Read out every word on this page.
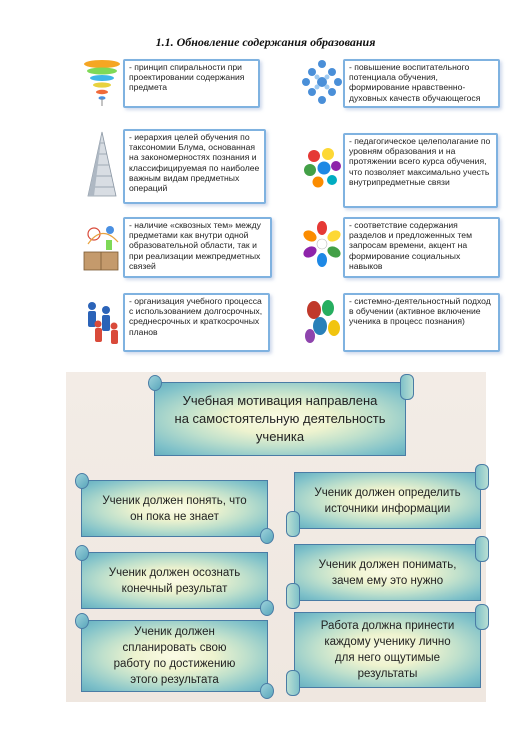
1.1. Обновление содержания образования
- принцип спиральности при проектировании содержания предмета
- повышение воспитательного потенциала обучения, формирование нравственно-духовных качеств обучающегося
- иерархия целей обучения по таксономии Блума, основанная на закономерностях познания и классифицируемая по наиболее важным видам предметных операций
- педагогическое целеполагание по уровням образования и на протяжении всего курса обучения, что позволяет максимально учесть внутрипредметные связи
- наличие «сквозных тем» между предметами как внутри одной образовательной области, так и при реализации межпредметных связей
- соответствие содержания разделов и предложенных тем запросам времени, акцент на формирование социальных навыков
- организация учебного процесса с использованием долгосрочных, среднесрочных и краткосрочных планов
- системно-деятельностный подход в обучении (активное включение ученика в процесс познания)
Учебная мотивация направлена
на самостоятельную деятельность
ученика
Ученик должен понять, что
он пока не знает
Ученик должен определить
источники информации
Ученик должен осознать
конечный результат
Ученик должен понимать,
зачем ему это нужно
Ученик должен
спланировать свою
работу по достижению
этого результата
Работа должна принести
каждому ученику лично
для него ощутимые
результаты
